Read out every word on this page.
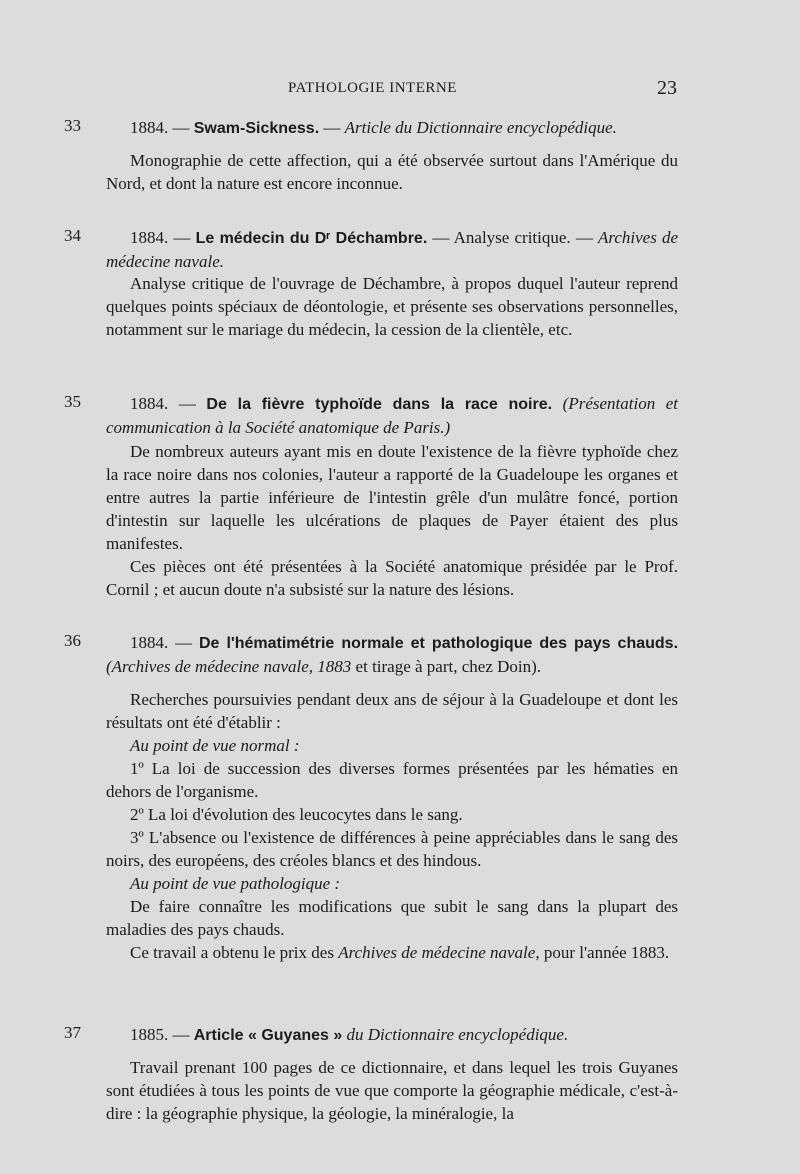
PATHOLOGIE INTERNE	23
33	1884. — Swam-Sickness. — Article du Dictionnaire encyclopédique.

Monographie de cette affection, qui a été observée surtout dans l'Amérique du Nord, et dont la nature est encore inconnue.

34	1884. — Le médecin du Dʳ Déchambre. — Analyse critique. — Archives de médecine navale.

Analyse critique de l'ouvrage de Déchambre, à propos duquel l'auteur reprend quelques points spéciaux de déontologie, et présente ses observations personnelles, notamment sur le mariage du médecin, la cession de la clientèle, etc.

35	1884. — De la fièvre typhoïde dans la race noire. (Présentation et communication à la Société anatomique de Paris.)

De nombreux auteurs ayant mis en doute l'existence de la fièvre typhoïde chez la race noire dans nos colonies, l'auteur a rapporté de la Guadeloupe les organes et entre autres la partie inférieure de l'intestin grêle d'un mulâtre foncé, portion d'intestin sur laquelle les ulcérations de plaques de Payer étaient des plus manifestes.

Ces pièces ont été présentées à la Société anatomique présidée par le Prof. Cornil ; et aucun doute n'a subsisté sur la nature des lésions.

36	1884. — De l'hématimétrie normale et pathologique des pays chauds. (Archives de médecine navale, 1883 et tirage à part, chez Doin).

Recherches poursuivies pendant deux ans de séjour à la Guadeloupe et dont les résultats ont été d'établir :

Au point de vue normal :

1º La loi de succession des diverses formes présentées par les hématies en dehors de l'organisme.

2º La loi d'évolution des leucocytes dans le sang.

3º L'absence ou l'existence de différences à peine appréciables dans le sang des noirs, des européens, des créoles blancs et des hindous.

Au point de vue pathologique :

De faire connaître les modifications que subit le sang dans la plupart des maladies des pays chauds.

Ce travail a obtenu le prix des Archives de médecine navale, pour l'année 1883.

37	1885. — Article « Guyanes » du Dictionnaire encyclopédique.

Travail prenant 100 pages de ce dictionnaire, et dans lequel les trois Guyanes sont étudiées à tous les points de vue que comporte la géographie médicale, c'est-à-dire : la géographie physique, la géologie, la minéralogie, la
